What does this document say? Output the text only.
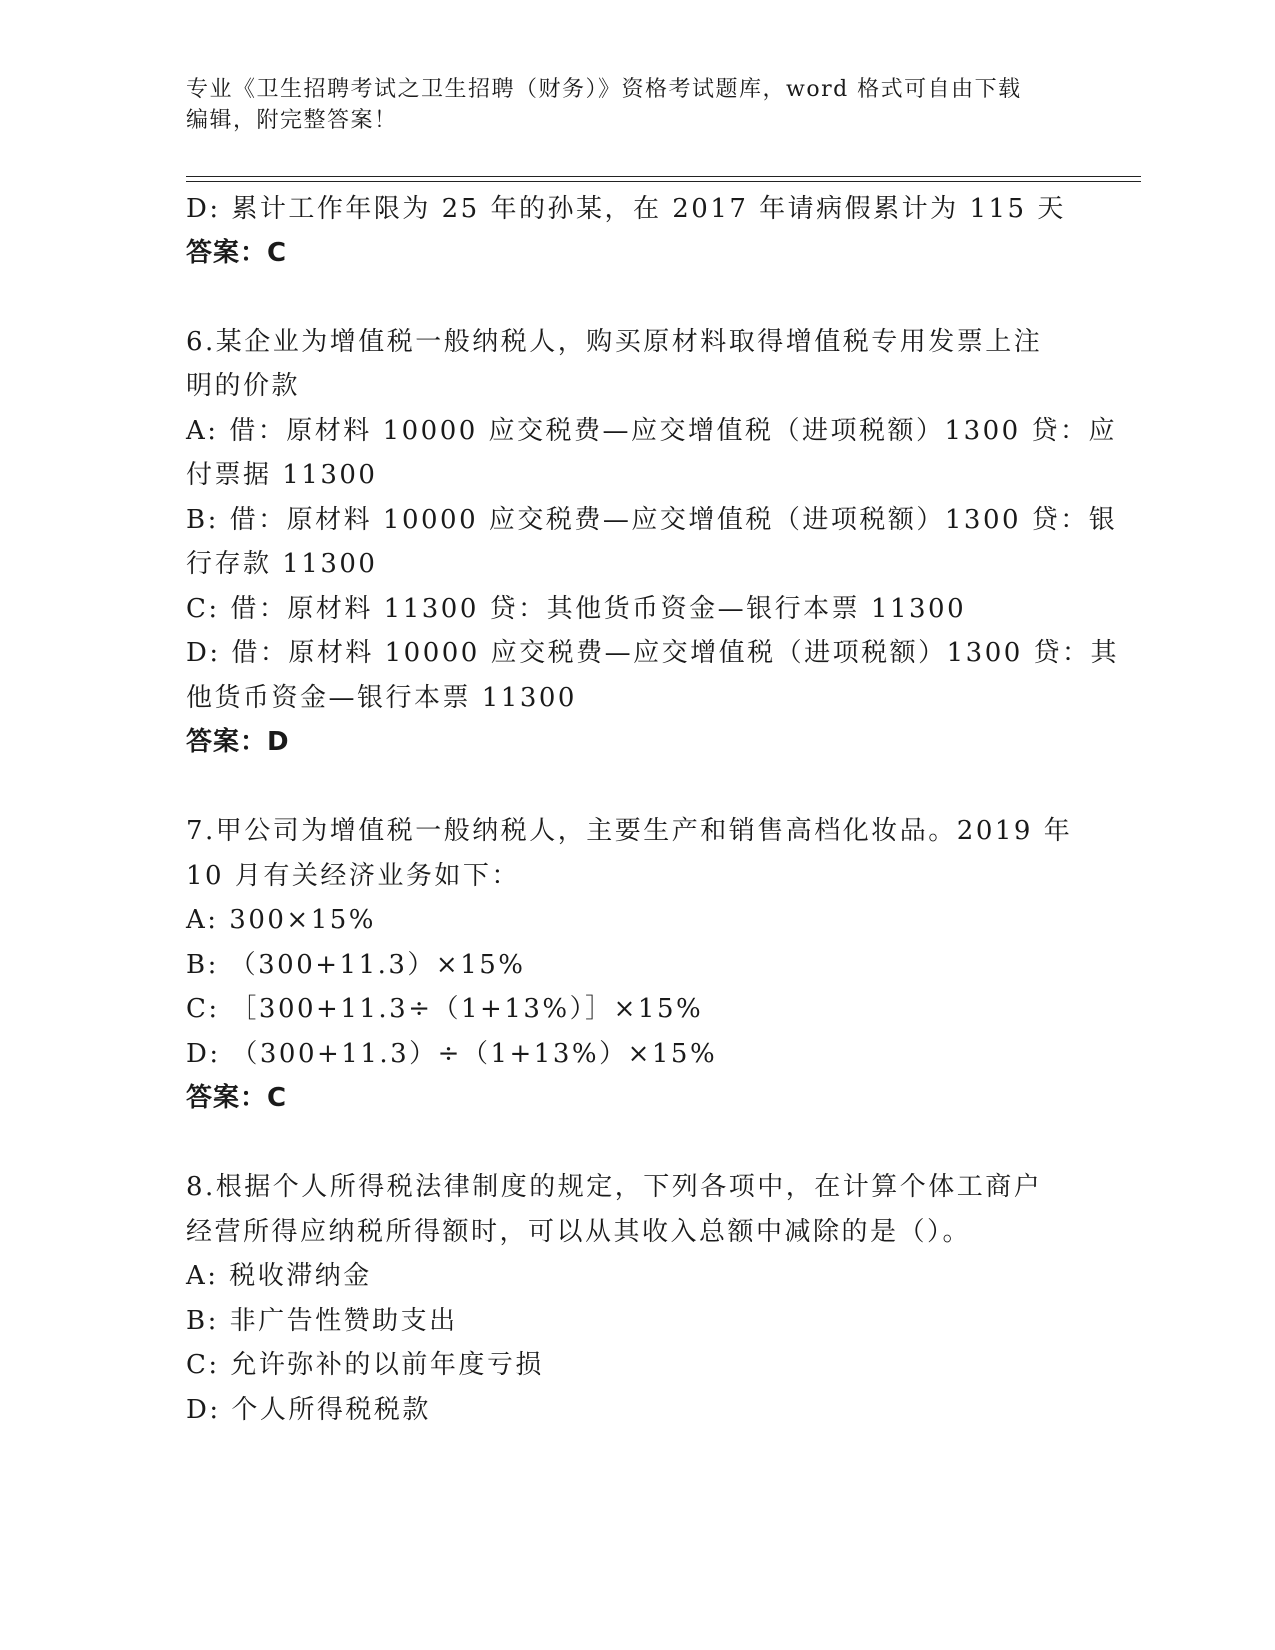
专业《卫生招聘考试之卫生招聘（财务）》资格考试题库，word 格式可自由下载
编辑，附完整答案！
D: 累计工作年限为 25 年的孙某，在 2017 年请病假累计为 115 天
答案：C
6.某企业为增值税一般纳税人，购买原材料取得增值税专用发票上注
明的价款
A: 借：原材料 10000 应交税费—应交增值税（进项税额）1300 贷：应
付票据 11300
B: 借：原材料 10000 应交税费—应交增值税（进项税额）1300 贷：银
行存款 11300
C: 借：原材料 11300 贷：其他货币资金—银行本票 11300
D: 借：原材料 10000 应交税费—应交增值税（进项税额）1300 贷：其
他货币资金—银行本票 11300
答案：D
7.甲公司为增值税一般纳税人，主要生产和销售高档化妆品。2019 年
10 月有关经济业务如下：
A: 300×15%
B: （300+11.3）×15%
C: ［300+11.3÷（1+13%）］×15%
D: （300+11.3）÷（1+13%）×15%
答案：C
8.根据个人所得税法律制度的规定，下列各项中，在计算个体工商户
经营所得应纳税所得额时，可以从其收入总额中减除的是（）。
A: 税收滞纳金
B: 非广告性赞助支出
C: 允许弥补的以前年度亏损
D: 个人所得税税款
